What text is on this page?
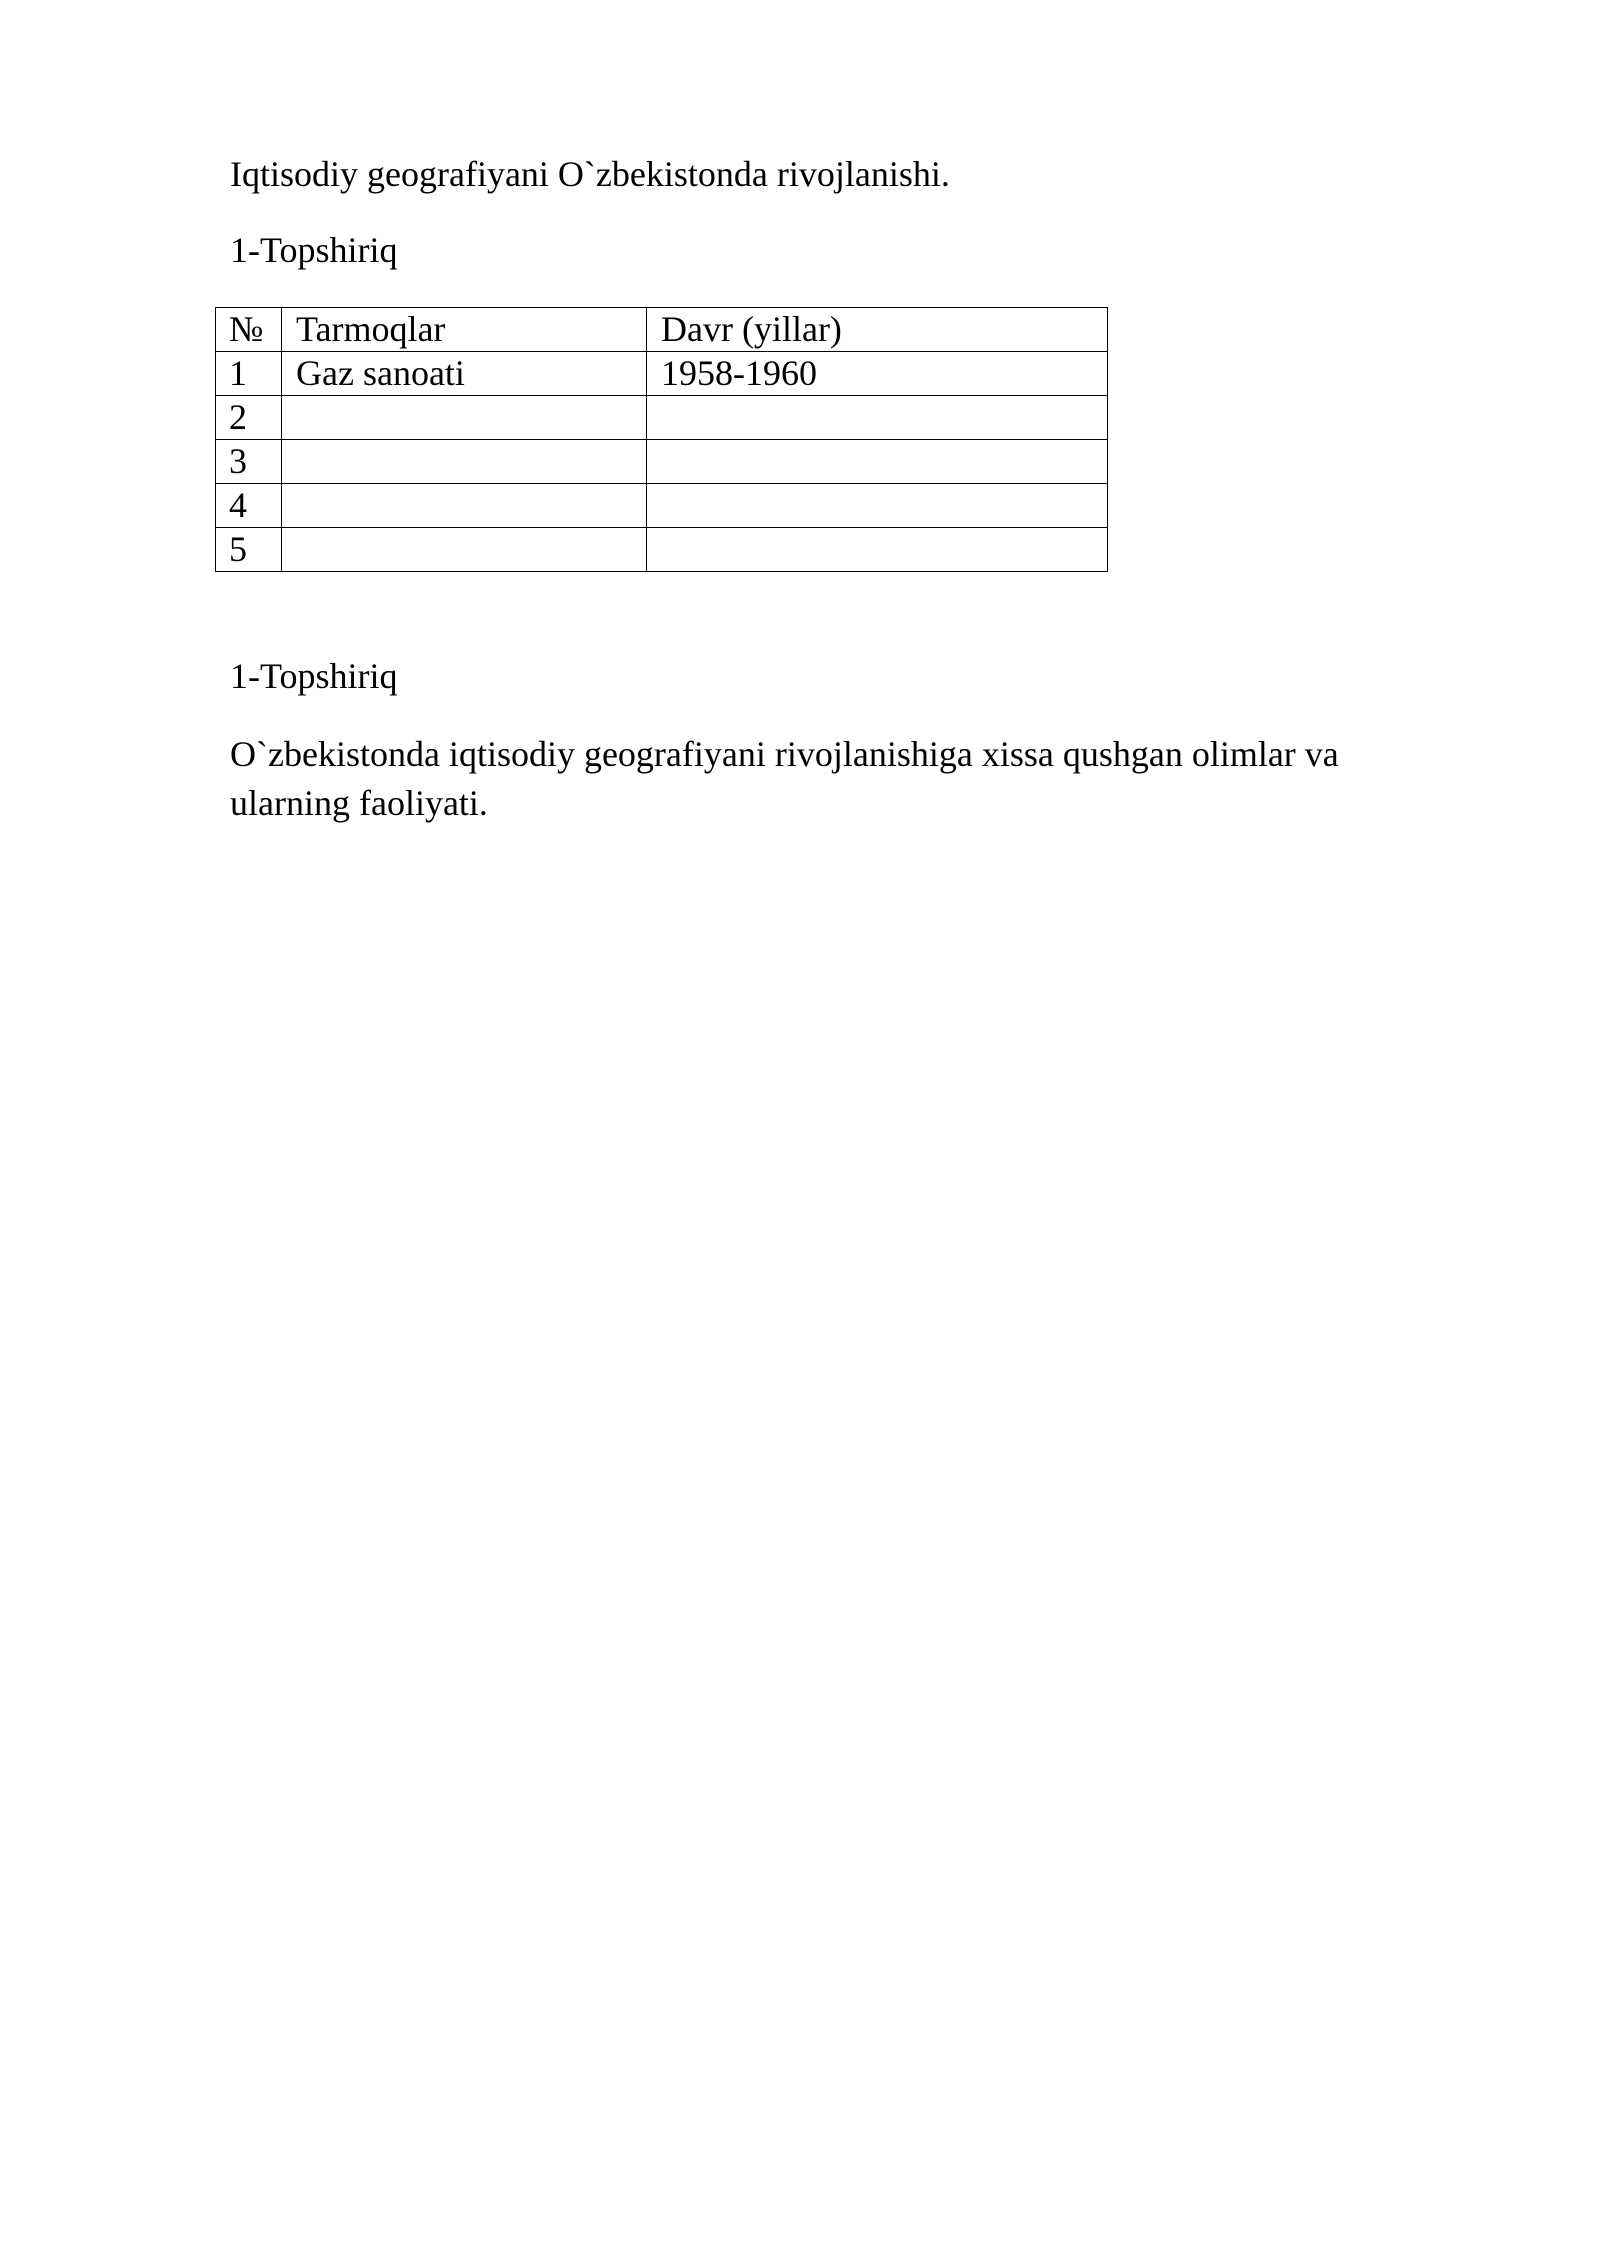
Iqtisodiy geografiyani O`zbekistonda rivojlanishi.

1-Topshiriq

№	Tarmoqlar	Davr (yillar)
1	Gaz sanoati	1958-1960
2		
3		
4		
5		

1-Topshiriq

O`zbekistonda iqtisodiy geografiyani rivojlanishiga xissa qushgan olimlar va ularning faoliyati.
